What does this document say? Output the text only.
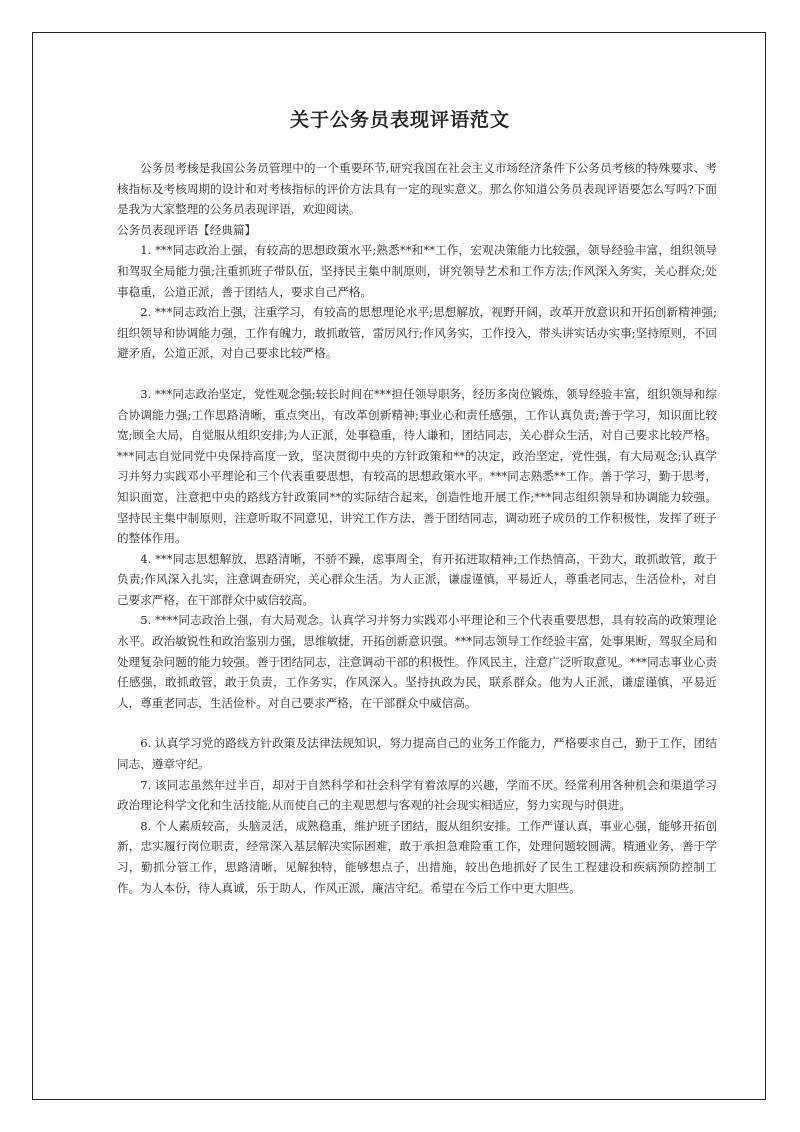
关于公务员表现评语范文

公务员考核是我国公务员管理中的一个重要环节,研究我国在社会主义市场经济条件下公务员考核的特殊要求、考核指标及考核周期的设计和对考核指标的评价方法具有一定的现实意义。那么你知道公务员表现评语要怎么写吗?下面是我为大家整理的公务员表现评语，欢迎阅读。

公务员表现评语【经典篇】

1. ***同志政治上强，有较高的思想政策水平;熟悉**和**工作，宏观决策能力比较强，领导经验丰富，组织领导和驾驭全局能力强;注重抓班子带队伍，坚持民主集中制原则，讲究领导艺术和工作方法;作风深入务实，关心群众;处事稳重，公道正派，善于团结人，要求自己严格。

2. ***同志政治上强，注重学习，有较高的思想理论水平;思想解放，视野开阔，改革开放意识和开拓创新精神强;组织领导和协调能力强，工作有魄力，敢抓敢管，雷厉风行;作风务实，工作投入，带头讲实话办实事;坚持原则，不回避矛盾，公道正派，对自己要求比较严格。

3. ***同志政治坚定，党性观念强;较长时间在***担任领导职务，经历多岗位锻炼，领导经验丰富，组织领导和综合协调能力强;工作思路清晰，重点突出，有改革创新精神;事业心和责任感强，工作认真负责;善于学习，知识面比较宽;顾全大局，自觉服从组织安排;为人正派，处事稳重，待人谦和，团结同志，关心群众生活，对自己要求比较严格。***同志自觉同党中央保持高度一致，坚决贯彻中央的方针政策和**的决定，政治坚定，党性强，有大局观念;认真学习并努力实践邓小平理论和三个代表重要思想，有较高的思想政策水平。***同志熟悉**工作。善于学习，勤于思考，知识面宽，注意把中央的路线方针政策同**的实际结合起来，创造性地开展工作;***同志组织领导和协调能力较强。坚持民主集中制原则，注意听取不同意见，讲究工作方法，善于团结同志，调动班子成员的工作积极性，发挥了班子的整体作用。

4. ***同志思想解放，思路清晰，不骄不躁，虑事周全，有开拓进取精神;工作热情高，干劲大，敢抓敢管，敢于负责;作风深入扎实，注意调查研究，关心群众生活。为人正派，谦虚谨慎，平易近人，尊重老同志，生活俭朴，对自己要求严格，在干部群众中威信较高。

5. ****同志政治上强，有大局观念。认真学习并努力实践邓小平理论和三个代表重要思想，具有较高的政策理论水平。政治敏锐性和政治鉴别力强，思维敏捷，开拓创新意识强。***同志领导工作经验丰富，处事果断，驾驭全局和处理复杂问题的能力较强。善于团结同志，注意调动干部的积极性。作风民主，注意广泛听取意见。***同志事业心责任感强，敢抓敢管，敢于负责，工作务实，作风深入。坚持执政为民，联系群众。他为人正派，谦虚谨慎，平易近人，尊重老同志，生活俭朴。对自己要求严格，在干部群众中威信高。

6. 认真学习党的路线方针政策及法律法规知识，努力提高自己的业务工作能力，严格要求自己，勤于工作，团结同志，遵章守纪。

7. 该同志虽然年过半百，却对于自然科学和社会科学有着浓厚的兴趣，学而不厌。经常利用各种机会和渠道学习政治理论科学文化和生活技能,从而使自己的主观思想与客观的社会现实相适应，努力实现与时俱进。

8. 个人素质较高，头脑灵活，成熟稳重，维护班子团结，服从组织安排。工作严谨认真，事业心强，能够开拓创新，忠实履行岗位职责，经常深入基层解决实际困难，敢于承担急难险重工作，处理问题较圆满。精通业务，善于学习，勤抓分管工作，思路清晰，见解独特，能够想点子，出措施，较出色地抓好了民生工程建设和疾病预防控制工作。为人本份，待人真诚，乐于助人，作风正派，廉洁守纪。希望在今后工作中更大胆些。
